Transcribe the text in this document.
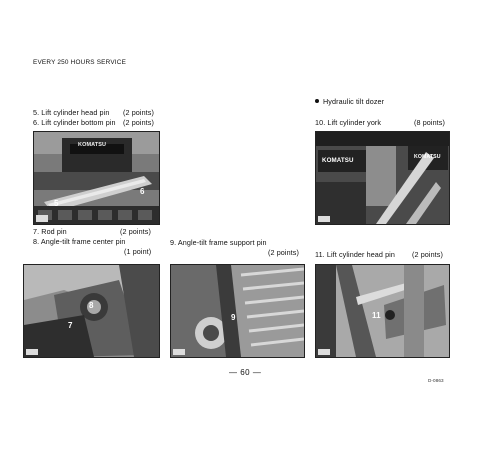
EVERY 250 HOURS SERVICE
5. Lift cylinder head pin (2 points)
6. Lift cylinder bottom pin (2 points)
KOMATSU
5
6
7. Rod pin	(2 points)
8. Angle-tilt frame center pin
(1 point)
8
7
9. Angle-tilt frame support pin
(2 points)
9
Hydraulic tilt dozer
10. Lift cylinder york	(8 points)
KOMATSU	KOMATSU
11. Lift cylinder head pin (2 points)
11
— 60 —
D-0863
